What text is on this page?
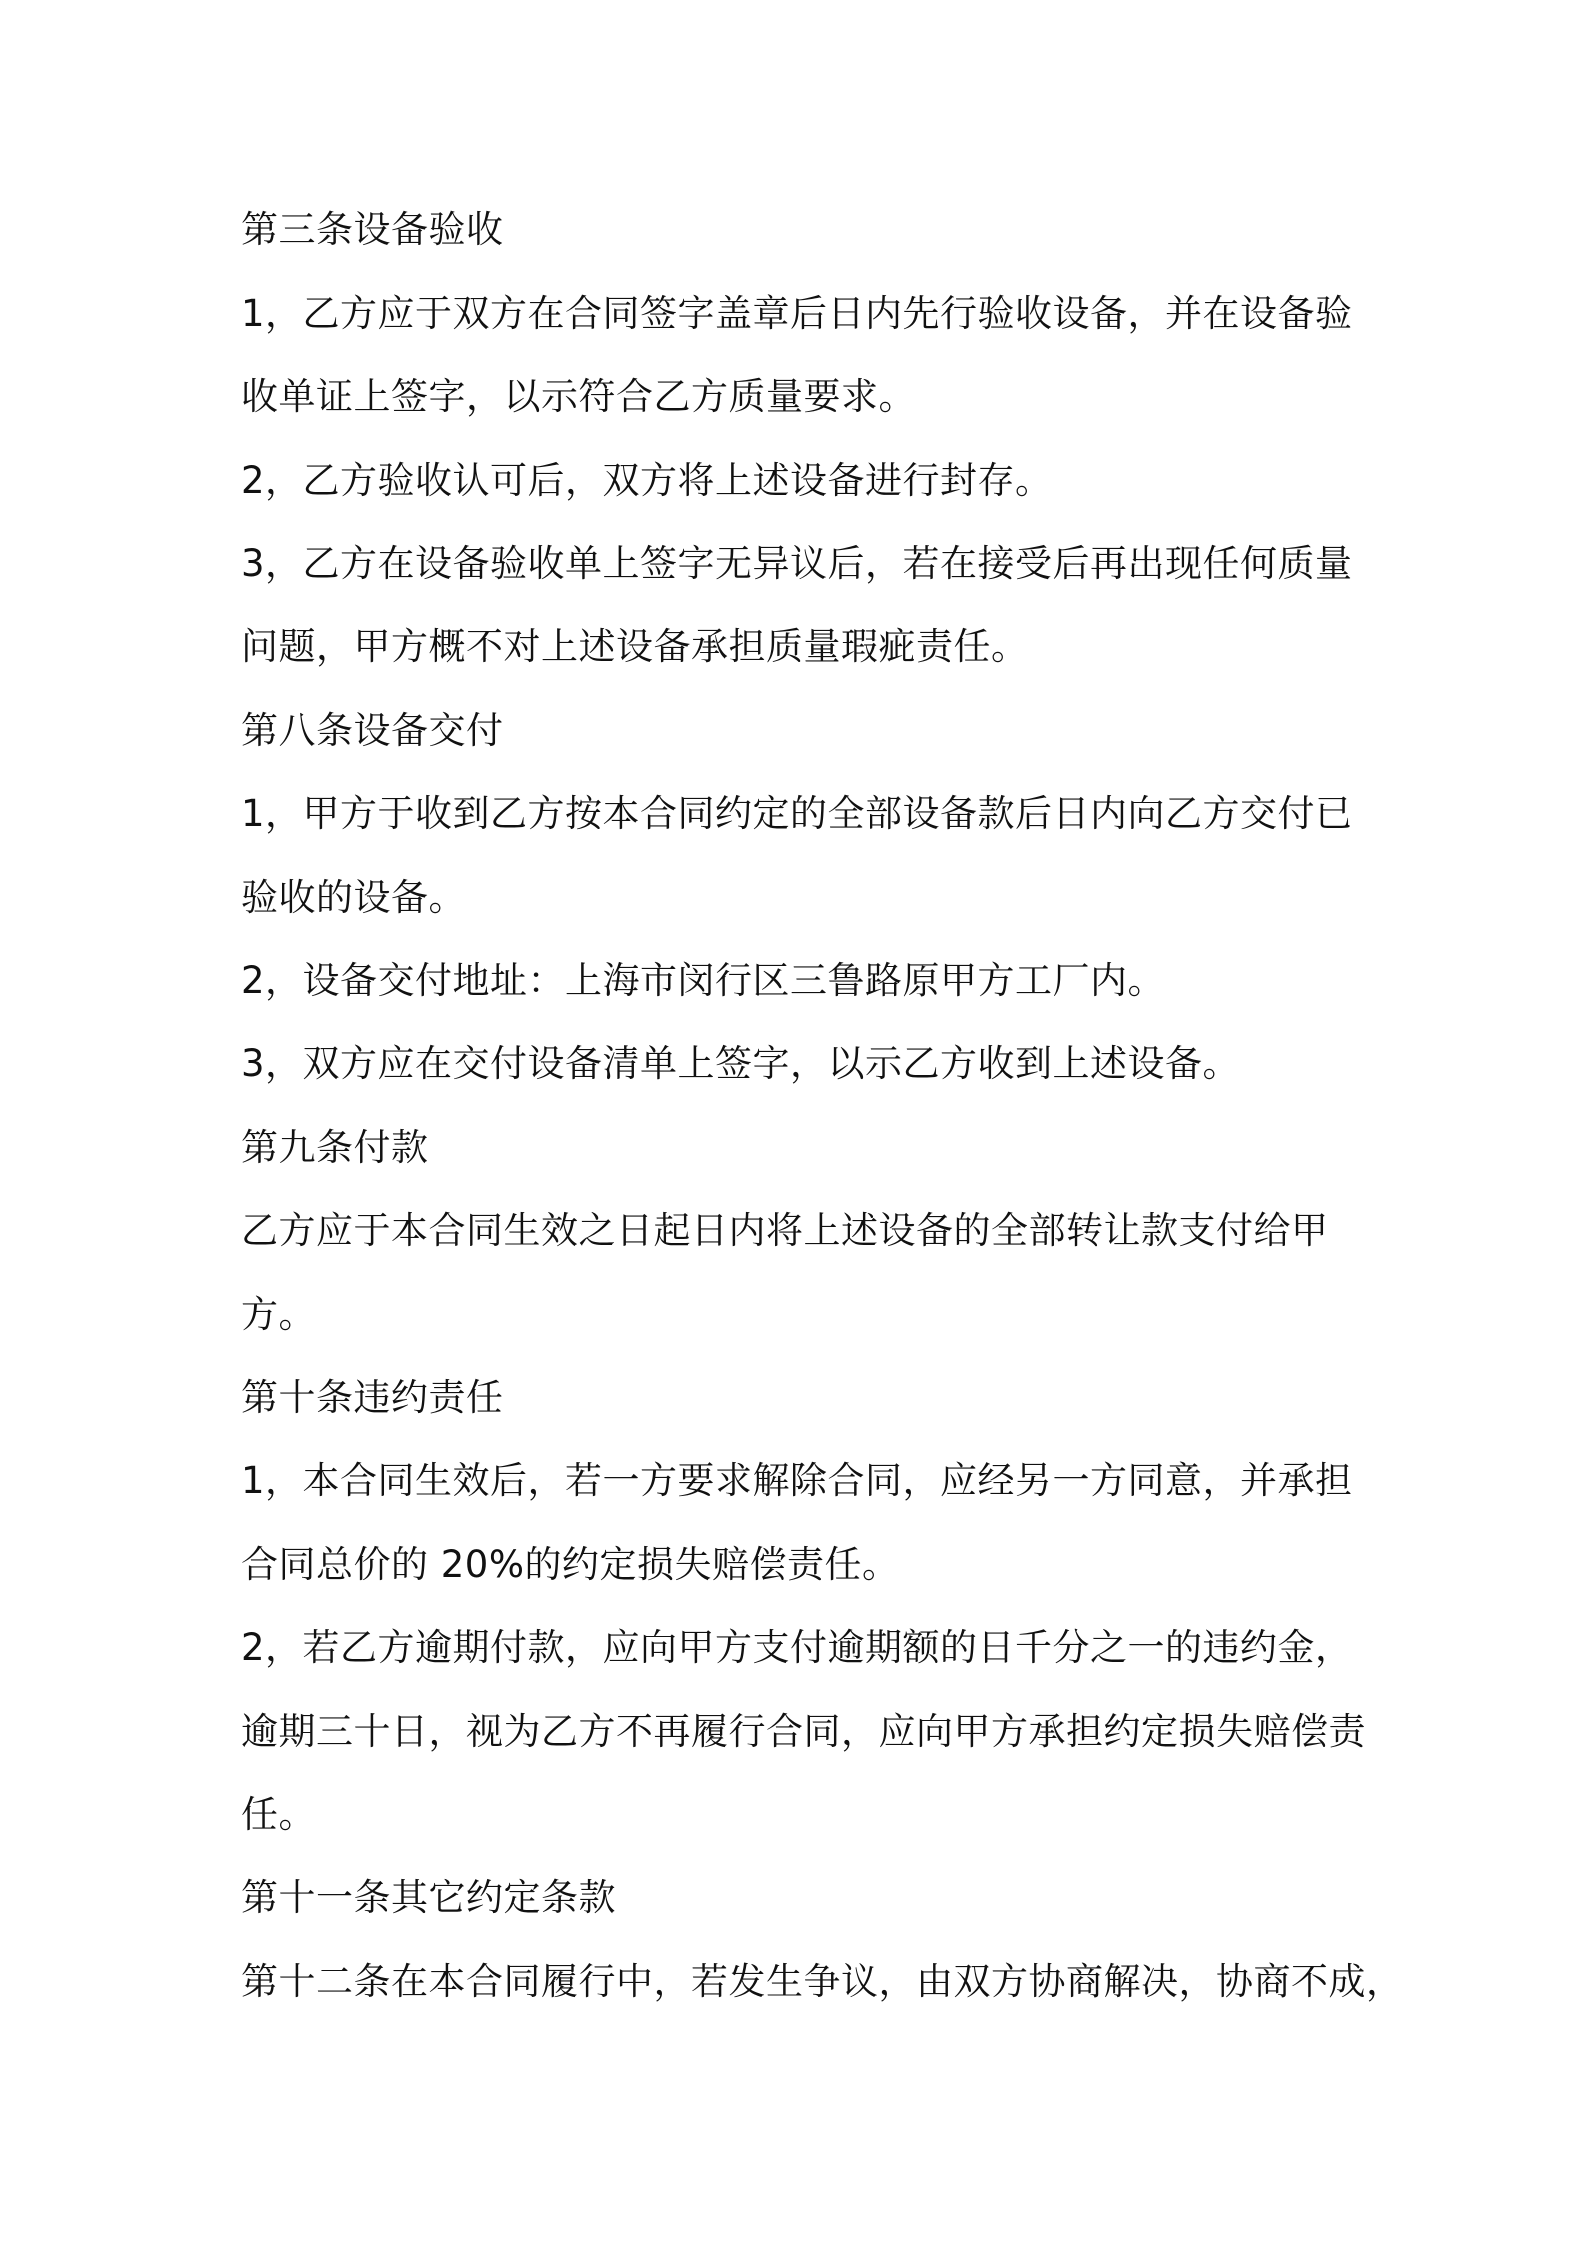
第三条设备验收
1，乙方应于双方在合同签字盖章后日内先行验收设备，并在设备验
收单证上签字，以示符合乙方质量要求。
2，乙方验收认可后，双方将上述设备进行封存。
3，乙方在设备验收单上签字无异议后，若在接受后再出现任何质量
问题，甲方概不对上述设备承担质量瑕疵责任。
第八条设备交付
1，甲方于收到乙方按本合同约定的全部设备款后日内向乙方交付已
验收的设备。
2，设备交付地址：上海市闵行区三鲁路原甲方工厂内。
3，双方应在交付设备清单上签字，以示乙方收到上述设备。
第九条付款
乙方应于本合同生效之日起日内将上述设备的全部转让款支付给甲
方。
第十条违约责任
1，本合同生效后，若一方要求解除合同，应经另一方同意，并承担
合同总价的 20%的约定损失赔偿责任。
2，若乙方逾期付款，应向甲方支付逾期额的日千分之一的违约金，
逾期三十日，视为乙方不再履行合同，应向甲方承担约定损失赔偿责
任。
第十一条其它约定条款
第十二条在本合同履行中，若发生争议，由双方协商解决，协商不成，
